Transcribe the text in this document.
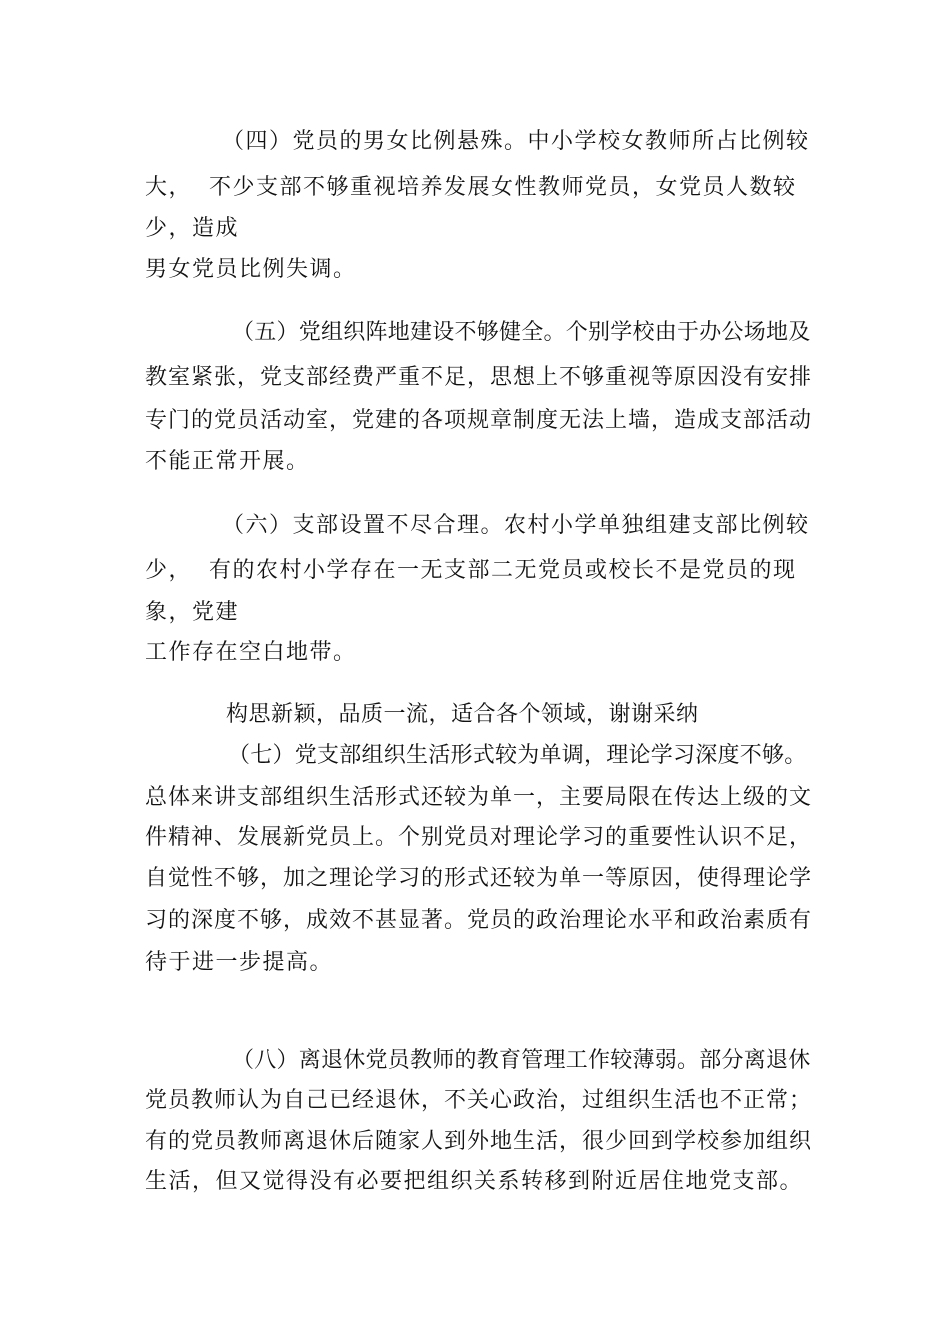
（四）党员的男女比例悬殊。中小学校女教师所占比例较
大，  不少支部不够重视培养发展女性教师党员，女党员人数较
少，造成
男女党员比例失调。
（五）党组织阵地建设不够健全。个别学校由于办公场地及
教室紧张，党支部经费严重不足，思想上不够重视等原因没有安排
专门的党员活动室，党建的各项规章制度无法上墙，造成支部活动
不能正常开展。
（六）支部设置不尽合理。农村小学单独组建支部比例较
少，  有的农村小学存在一无支部二无党员或校长不是党员的现
象，党建
工作存在空白地带。
构思新颖，品质一流，适合各个领域，谢谢采纳
（七）党支部组织生活形式较为单调，理论学习深度不够。
总体来讲支部组织生活形式还较为单一，主要局限在传达上级的文
件精神、发展新党员上。个别党员对理论学习的重要性认识不足，
自觉性不够，加之理论学习的形式还较为单一等原因，使得理论学
习的深度不够，成效不甚显著。党员的政治理论水平和政治素质有
待于进一步提高。
（八）离退休党员教师的教育管理工作较薄弱。部分离退休
党员教师认为自己已经退休，不关心政治，过组织生活也不正常；
有的党员教师离退休后随家人到外地生活，很少回到学校参加组织
生活，但又觉得没有必要把组织关系转移到附近居住地党支部。
